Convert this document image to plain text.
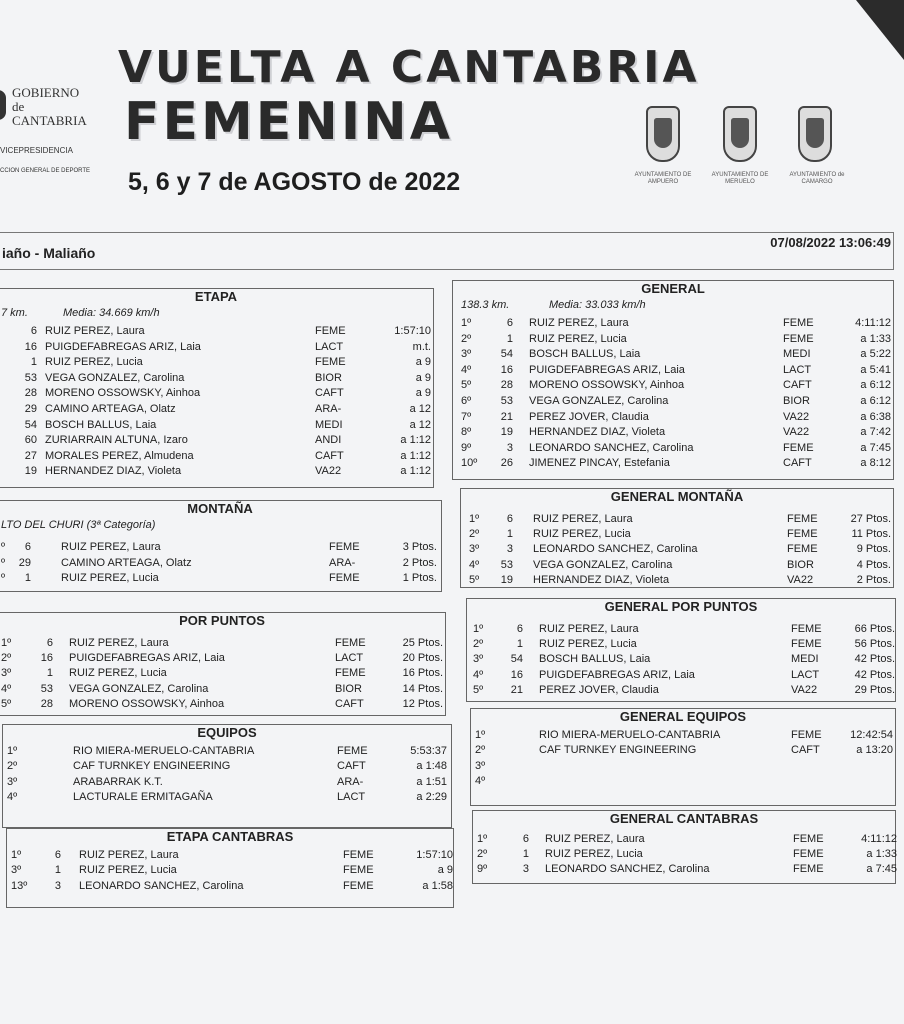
GOBIERNO
de
CANTABRIA
VICEPRESIDENCIA
CCION GENERAL DE DEPORTE
VUELTA A CANTABRIA
FEMENINA
5, 6 y 7 de AGOSTO de 2022	AYUNTAMIENTO DE AMPUERO
AYUNTAMIENTO DE MERUELO
AYUNTAMIENTO de CAMARGO
iaño - Maliaño
07/08/2022 13:06:49
ETAPA
7 km.	Media: 34.669 km/h
6 RUIZ PEREZ, Laura	FEME	1:57:10
16 PUIGDEFABREGAS ARIZ, Laia	LACT	m.t.
1 RUIZ PEREZ, Lucia	FEME	a 9
53 VEGA GONZALEZ, Carolina	BIOR	a 9
28 MORENO OSSOWSKY, Ainhoa	CAFT	a 9
29 CAMINO ARTEAGA, Olatz	ARA-	a 12
54 BOSCH BALLUS, Laia	MEDI	a 12
60 ZURIARRAIN ALTUNA, Izaro	ANDI	a 1:12
27 MORALES PEREZ, Almudena	CAFT	a 1:12
19 HERNANDEZ DIAZ, Violeta	VA22	a 1:12
GENERAL
138.3 km.	Media: 33.033 km/h
1º	6 RUIZ PEREZ, Laura	FEME	4:11:12
2º	1 RUIZ PEREZ, Lucia	FEME	a 1:33
3º	54 BOSCH BALLUS, Laia	MEDI	a 5:22
4º	16 PUIGDEFABREGAS ARIZ, Laia	LACT	a 5:41
5º	28 MORENO OSSOWSKY, Ainhoa	CAFT	a 6:12
6º	53 VEGA GONZALEZ, Carolina	BIOR	a 6:12
7º	21 PEREZ JOVER, Claudia	VA22	a 6:38
8º	19 HERNANDEZ DIAZ, Violeta	VA22	a 7:42
9º	3 LEONARDO SANCHEZ, Carolina	FEME	a 7:45
10º	26 JIMENEZ PINCAY, Estefania	CAFT	a 8:12
MONTAÑA
LTO DEL CHURI (3ª Categoría)
º	6	RUIZ PEREZ, Laura	FEME	3 Ptos.
º	29	CAMINO ARTEAGA, Olatz	ARA-	2 Ptos.
º	1	RUIZ PEREZ, Lucia	FEME	1 Ptos.
GENERAL MONTAÑA
1º	6 RUIZ PEREZ, Laura	FEME	27 Ptos.
2º	1 RUIZ PEREZ, Lucia	FEME	11 Ptos.
3º	3 LEONARDO SANCHEZ, Carolina	FEME	9 Ptos.
4º	53 VEGA GONZALEZ, Carolina	BIOR	4 Ptos.
5º	19 HERNANDEZ DIAZ, Violeta	VA22	2 Ptos.
POR PUNTOS
1º	6 RUIZ PEREZ, Laura	FEME	25 Ptos.
2º	16 PUIGDEFABREGAS ARIZ, Laia	LACT	20 Ptos.
3º	1 RUIZ PEREZ, Lucia	FEME	16 Ptos.
4º	53 VEGA GONZALEZ, Carolina	BIOR	14 Ptos.
5º	28 MORENO OSSOWSKY, Ainhoa	CAFT	12 Ptos.
GENERAL POR PUNTOS
1º	6 RUIZ PEREZ, Laura	FEME	66 Ptos.
2º	1 RUIZ PEREZ, Lucia	FEME	56 Ptos.
3º	54 BOSCH BALLUS, Laia	MEDI	42 Ptos.
4º	16 PUIGDEFABREGAS ARIZ, Laia	LACT	42 Ptos.
5º	21 PEREZ JOVER, Claudia	VA22	29 Ptos.
EQUIPOS
1º	RIO MIERA-MERUELO-CANTABRIA	FEME	5:53:37
2º	CAF TURNKEY ENGINEERING	CAFT	a 1:48
3º	ARABARRAK K.T.	ARA-	a 1:51
4º	LACTURALE ERMITAGAÑA	LACT	a 2:29
GENERAL EQUIPOS
1º	RIO MIERA-MERUELO-CANTABRIA	FEME	12:42:54
2º	CAF TURNKEY ENGINEERING	CAFT	a 13:20
3º
4º
ETAPA CANTABRAS
1º	6 RUIZ PEREZ, Laura	FEME	1:57:10
3º	1 RUIZ PEREZ, Lucia	FEME	a 9
13º	3 LEONARDO SANCHEZ, Carolina	FEME	a 1:58
GENERAL CANTABRAS
1º	6 RUIZ PEREZ, Laura	FEME	4:11:12
2º	1 RUIZ PEREZ, Lucia	FEME	a 1:33
9º	3 LEONARDO SANCHEZ, Carolina	FEME	a 7:45
